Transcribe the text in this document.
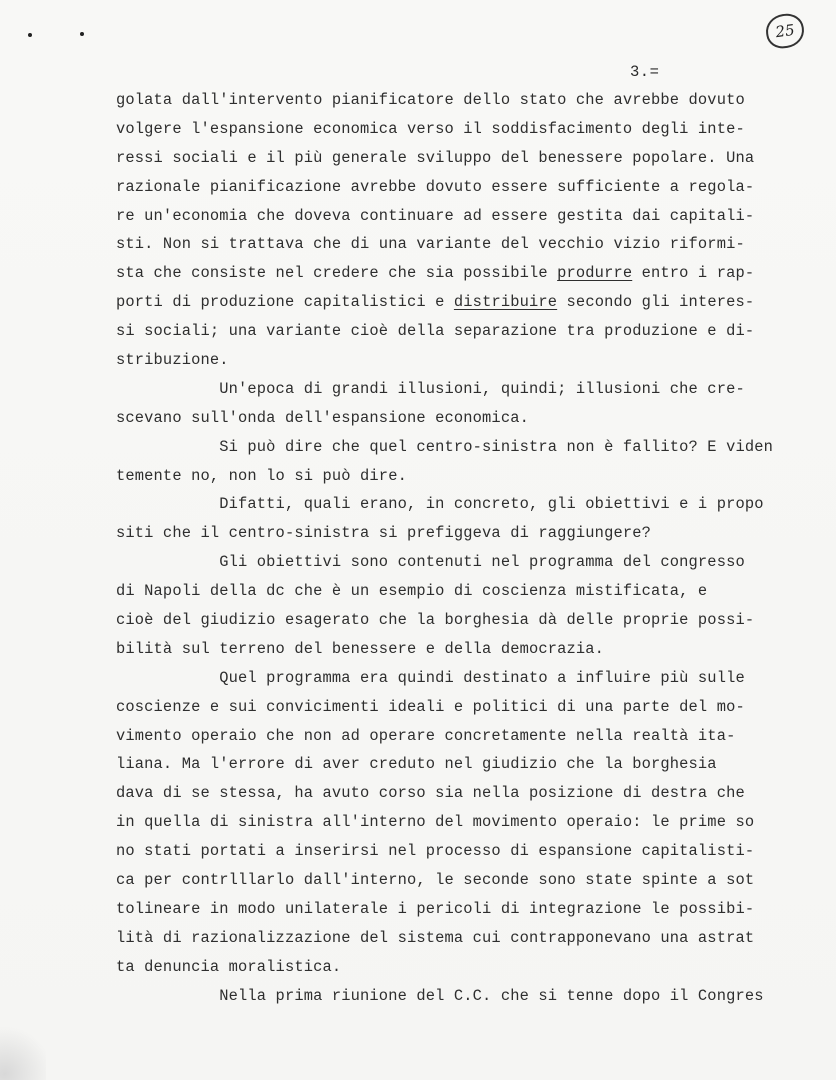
25
3.=
golata dall'intervento pianificatore dello stato che avrebbe dovuto
volgere l'espansione economica verso il soddisfacimento degli inte-
ressi sociali e il più generale sviluppo del benessere popolare. Una
razionale pianificazione avrebbe dovuto essere sufficiente a regola-
re un'economia che doveva continuare ad essere gestita dai capitali-
sti. Non si trattava che di una variante del vecchio vizio riformi-
sta che consiste nel credere che sia possibile produrre entro i rap-
porti di produzione capitalistici e distribuire secondo gli interes-
si sociali; una variante cioè della separazione tra produzione e di-
stribuzione.
Un'epoca di grandi illusioni, quindi; illusioni che cre-
scevano sull'onda dell'espansione economica.
Si può dire che quel centro-sinistra non è fallito? E viden
temente no, non lo si può dire.
Difatti, quali erano, in concreto, gli obiettivi e i propo
siti che il centro-sinistra si prefiggeva di raggiungere?
Gli obiettivi sono contenuti nel programma del congresso
di Napoli della dc che è un esempio di coscienza mistificata, e
cioè del giudizio esagerato che la borghesia dà delle proprie possi-
bilità sul terreno del benessere e della democrazia.
Quel programma era quindi destinato a influire più sulle
coscienze e sui convicimenti ideali e politici di una parte del mo-
vimento operaio che non ad operare concretamente nella realtà ita-
liana. Ma l'errore di aver creduto nel giudizio che la borghesia
dava di se stessa, ha avuto corso sia nella posizione di destra che
in quella di sinistra all'interno del movimento operaio: le prime so
no stati portati a inserirsi nel processo di espansione capitalisti-
ca per contrlllarlo dall'interno, le seconde sono state spinte a sot
tolineare in modo unilaterale i pericoli di integrazione le possibi-
lità di razionalizzazione del sistema cui contrapponevano una astrat
ta denuncia moralistica.
Nella prima riunione del C.C. che si tenne dopo il Congres
